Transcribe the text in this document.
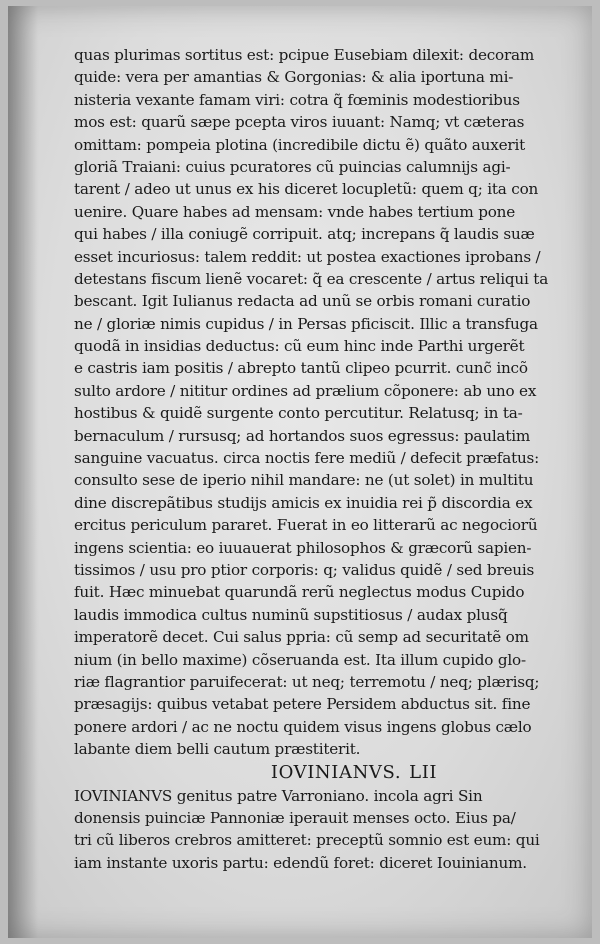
quas plurimas sortitus est: pcipue Eusebiam dilexit: decoram
quide: vera per amantias & Gorgonias: & alia iportuna mi-
nisteria vexante famam viri: cotra q̃ fœminis modestioribus
mos est: quarũ sæpe pcepta viros iuuant: Namq; vt cæteras
omittam: pompeia plotina (incredibile dictu ẽ) quãto auxerit
gloriã Traiani: cuius pcuratores cũ puincias calumnijs agi-
tarent / adeo ut unus ex his diceret locupletũ: quem q; ita con
uenire. Quare habes ad mensam: vnde habes tertium pone
qui habes / illa coniugẽ corripuit. atq; increpans q̃ laudis suæ
esset incuriosus: talem reddit: ut postea exactiones iprobans /
detestans fiscum lienẽ vocaret: q̃ ea crescente / artus reliqui ta
bescant. Igit Iulianus redacta ad unũ se orbis romani curatio
ne / gloriæ nimis cupidus / in Persas pficiscit. Illic a transfuga
quodã in insidias deductus: cũ eum hinc inde Parthi urgerẽt
e castris iam positis / abrepto tantũ clipeo pcurrit. cunc̃ incõ
sulto ardore / nititur ordines ad prælium cõponere: ab uno ex
hostibus & quidẽ surgente conto percutitur. Relatusq; in ta-
bernaculum / rursusq; ad hortandos suos egressus: paulatim
sanguine vacuatus. circa noctis fere mediũ / defecit præfatus:
consulto sese de iperio nihil mandare: ne (ut solet) in multitu
dine discrepãtibus studijs amicis ex inuidia rei p̃ discordia ex
ercitus periculum pararet. Fuerat in eo litterarũ ac negociorũ
ingens scientia: eo iuuauerat philosophos & græcorũ sapien-
tissimos / usu pro ptior corporis: q; validus quidẽ / sed breuis
fuit. Hæc minuebat quarundã rerũ neglectus modus Cupido
laudis immodica cultus numinũ supstitiosus / audax plusq̃
imperatorẽ decet. Cui salus ppria: cũ semp ad securitatẽ om
nium (in bello maxime) cõseruanda est. Ita illum cupido glo-
riæ flagrantior paruifecerat: ut neq; terremotu / neq; plærisq;
præsagijs: quibus vetabat petere Persidem abductus sit. fine
ponere ardori / ac ne noctu quidem visus ingens globus cælo
labante diem belli cautum præstiterit.
IOVINIANVS. LII
IOVINIANVS genitus patre Varroniano. incola agri Sin
donensis puinciæ Pannoniæ iperauit menses octo. Eius pa/
tri cũ liberos crebros amitteret: preceptũ somnio est eum: qui
iam instante uxoris partu: edendũ foret: diceret Iouinianum.
